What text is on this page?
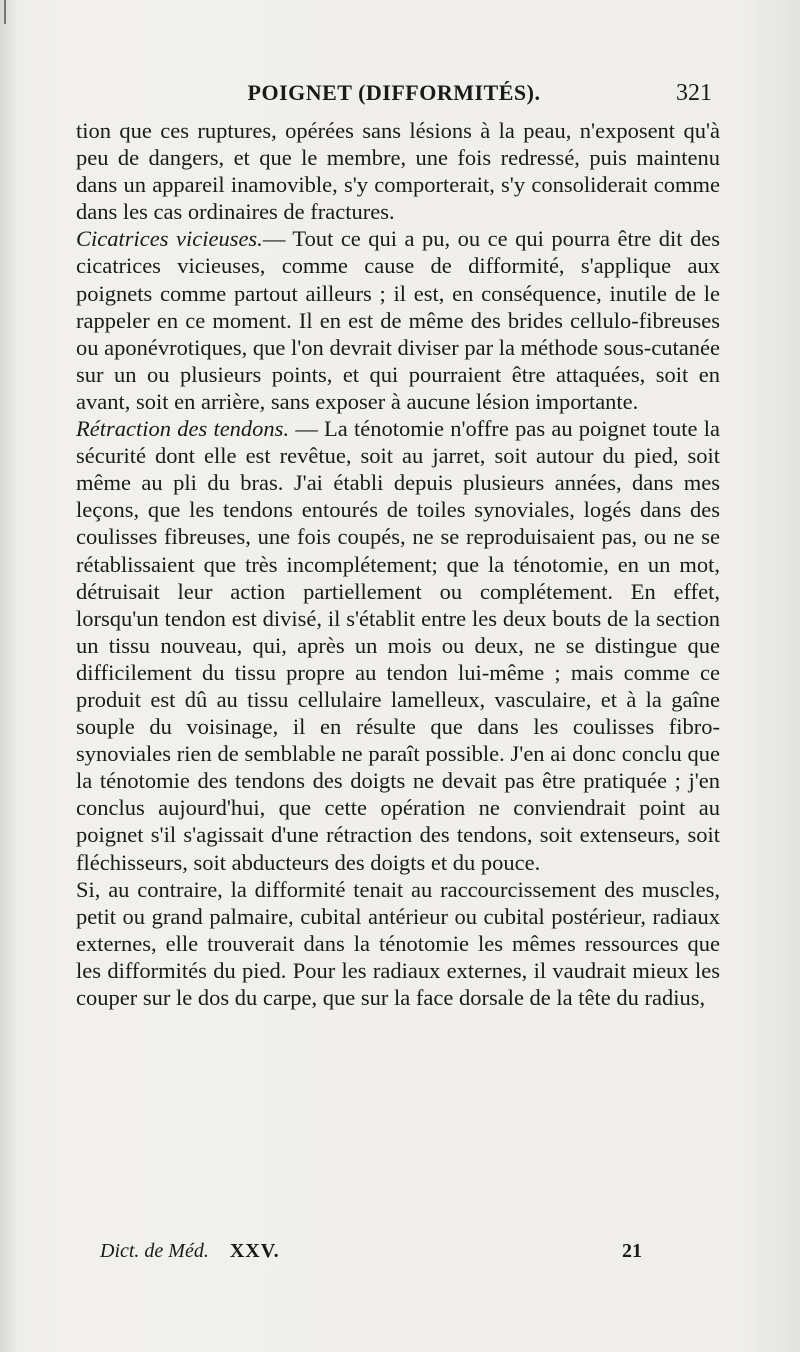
POIGNET (DIFFORMITÉS).	321

tion que ces ruptures, opérées sans lésions à la peau, n'exposent qu'à peu de dangers, et que le membre, une fois redressé, puis maintenu dans un appareil inamovible, s'y comporterait, s'y consoliderait comme dans les cas ordinaires de fractures.

Cicatrices vicieuses.— Tout ce qui a pu, ou ce qui pourra être dit des cicatrices vicieuses, comme cause de difformité, s'applique aux poignets comme partout ailleurs ; il est, en conséquence, inutile de le rappeler en ce moment. Il en est de même des brides cellulo-fibreuses ou aponévrotiques, que l'on devrait diviser par la méthode sous-cutanée sur un ou plusieurs points, et qui pourraient être attaquées, soit en avant, soit en arrière, sans exposer à aucune lésion importante.

Rétraction des tendons. — La ténotomie n'offre pas au poignet toute la sécurité dont elle est revêtue, soit au jarret, soit autour du pied, soit même au pli du bras. J'ai établi depuis plusieurs années, dans mes leçons, que les tendons entourés de toiles synoviales, logés dans des coulisses fibreuses, une fois coupés, ne se reproduisaient pas, ou ne se rétablissaient que très incomplétement; que la ténotomie, en un mot, détruisait leur action partiellement ou complétement. En effet, lorsqu'un tendon est divisé, il s'établit entre les deux bouts de la section un tissu nouveau, qui, après un mois ou deux, ne se distingue que difficilement du tissu propre au tendon lui-même ; mais comme ce produit est dû au tissu cellulaire lamelleux, vasculaire, et à la gaîne souple du voisinage, il en résulte que dans les coulisses fibro-synoviales rien de semblable ne paraît possible. J'en ai donc conclu que la ténotomie des tendons des doigts ne devait pas être pratiquée ; j'en conclus aujourd'hui, que cette opération ne conviendrait point au poignet s'il s'agissait d'une rétraction des tendons, soit extenseurs, soit fléchisseurs, soit abducteurs des doigts et du pouce.

Si, au contraire, la difformité tenait au raccourcissement des muscles, petit ou grand palmaire, cubital antérieur ou cubital postérieur, radiaux externes, elle trouverait dans la ténotomie les mêmes ressources que les difformités du pied. Pour les radiaux externes, il vaudrait mieux les couper sur le dos du carpe, que sur la face dorsale de la tête du radius,

Dict. de Méd. XXV.	21
